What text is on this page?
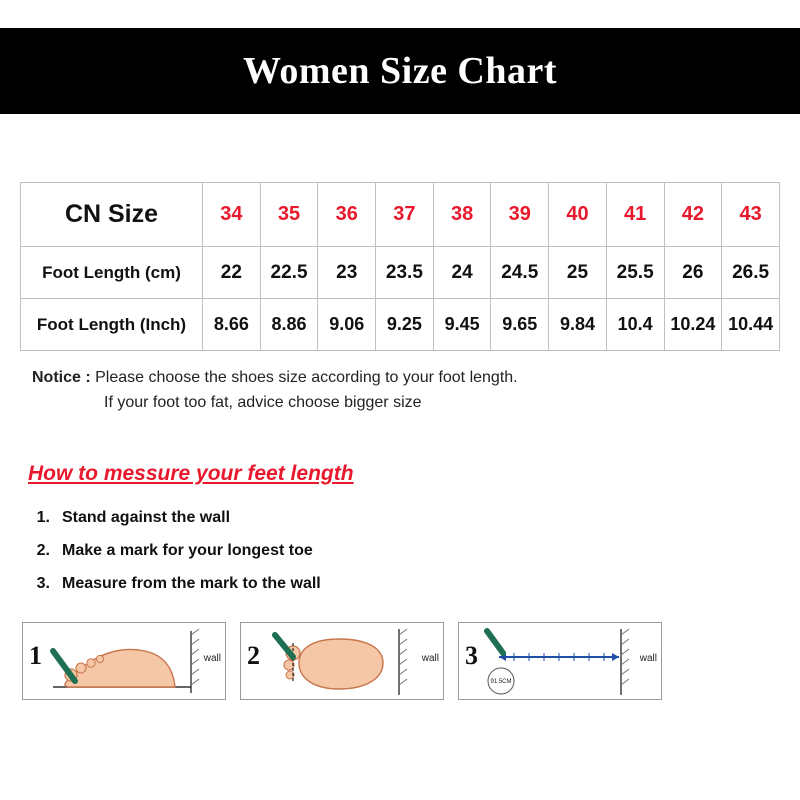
Women Size Chart
CN Size	34	35	36	37	38	39	40	41	42	43
Foot Length (cm)	22	22.5	23	23.5	24	24.5	25	25.5	26	26.5
Foot Length (Inch)	8.66	8.86	9.06	9.25	9.45	9.65	9.84	10.4	10.24	10.44
Notice : Please choose the shoes size according to your foot length.
If your foot too fat, advice choose bigger size
How to messure your feet length
1. Stand against the wall
2. Make a mark for your longest toe
3. Measure from the mark to the wall
1	wall 2	wall 3
91.5CM
wall
